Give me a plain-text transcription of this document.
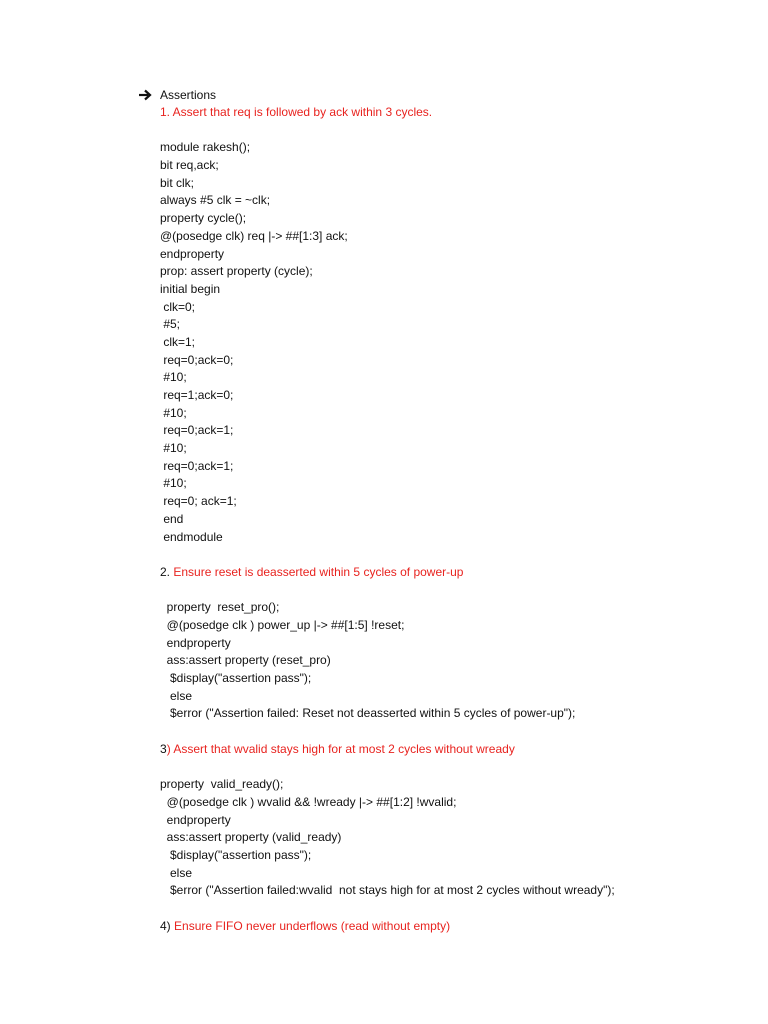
Assertions
1. Assert that req is followed by ack within 3 cycles.
module rakesh();
bit req,ack;
bit clk;
always #5 clk = ~clk;
property cycle();
@(posedge clk) req |-> ##[1:3] ack;
endproperty
prop: assert property (cycle);
initial begin
clk=0;
#5;
clk=1;
req=0;ack=0;
#10;
req=1;ack=0;
#10;
req=0;ack=1;
#10;
req=0;ack=1;
#10;
req=0; ack=1;
end
endmodule
2. Ensure reset is deasserted within 5 cycles of power-up
property  reset_pro();
@(posedge clk ) power_up |-> ##[1:5] !reset;
endproperty
ass:assert property (reset_pro)
$display("assertion pass");
else
$error ("Assertion failed: Reset not deasserted within 5 cycles of power-up");
3) Assert that wvalid stays high for at most 2 cycles without wready
property  valid_ready();
@(posedge clk ) wvalid && !wready |-> ##[1:2] !wvalid;
endproperty
ass:assert property (valid_ready)
$display("assertion pass");
else
$error ("Assertion failed:wvalid  not stays high for at most 2 cycles without wready");
4) Ensure FIFO never underflows (read without empty)
